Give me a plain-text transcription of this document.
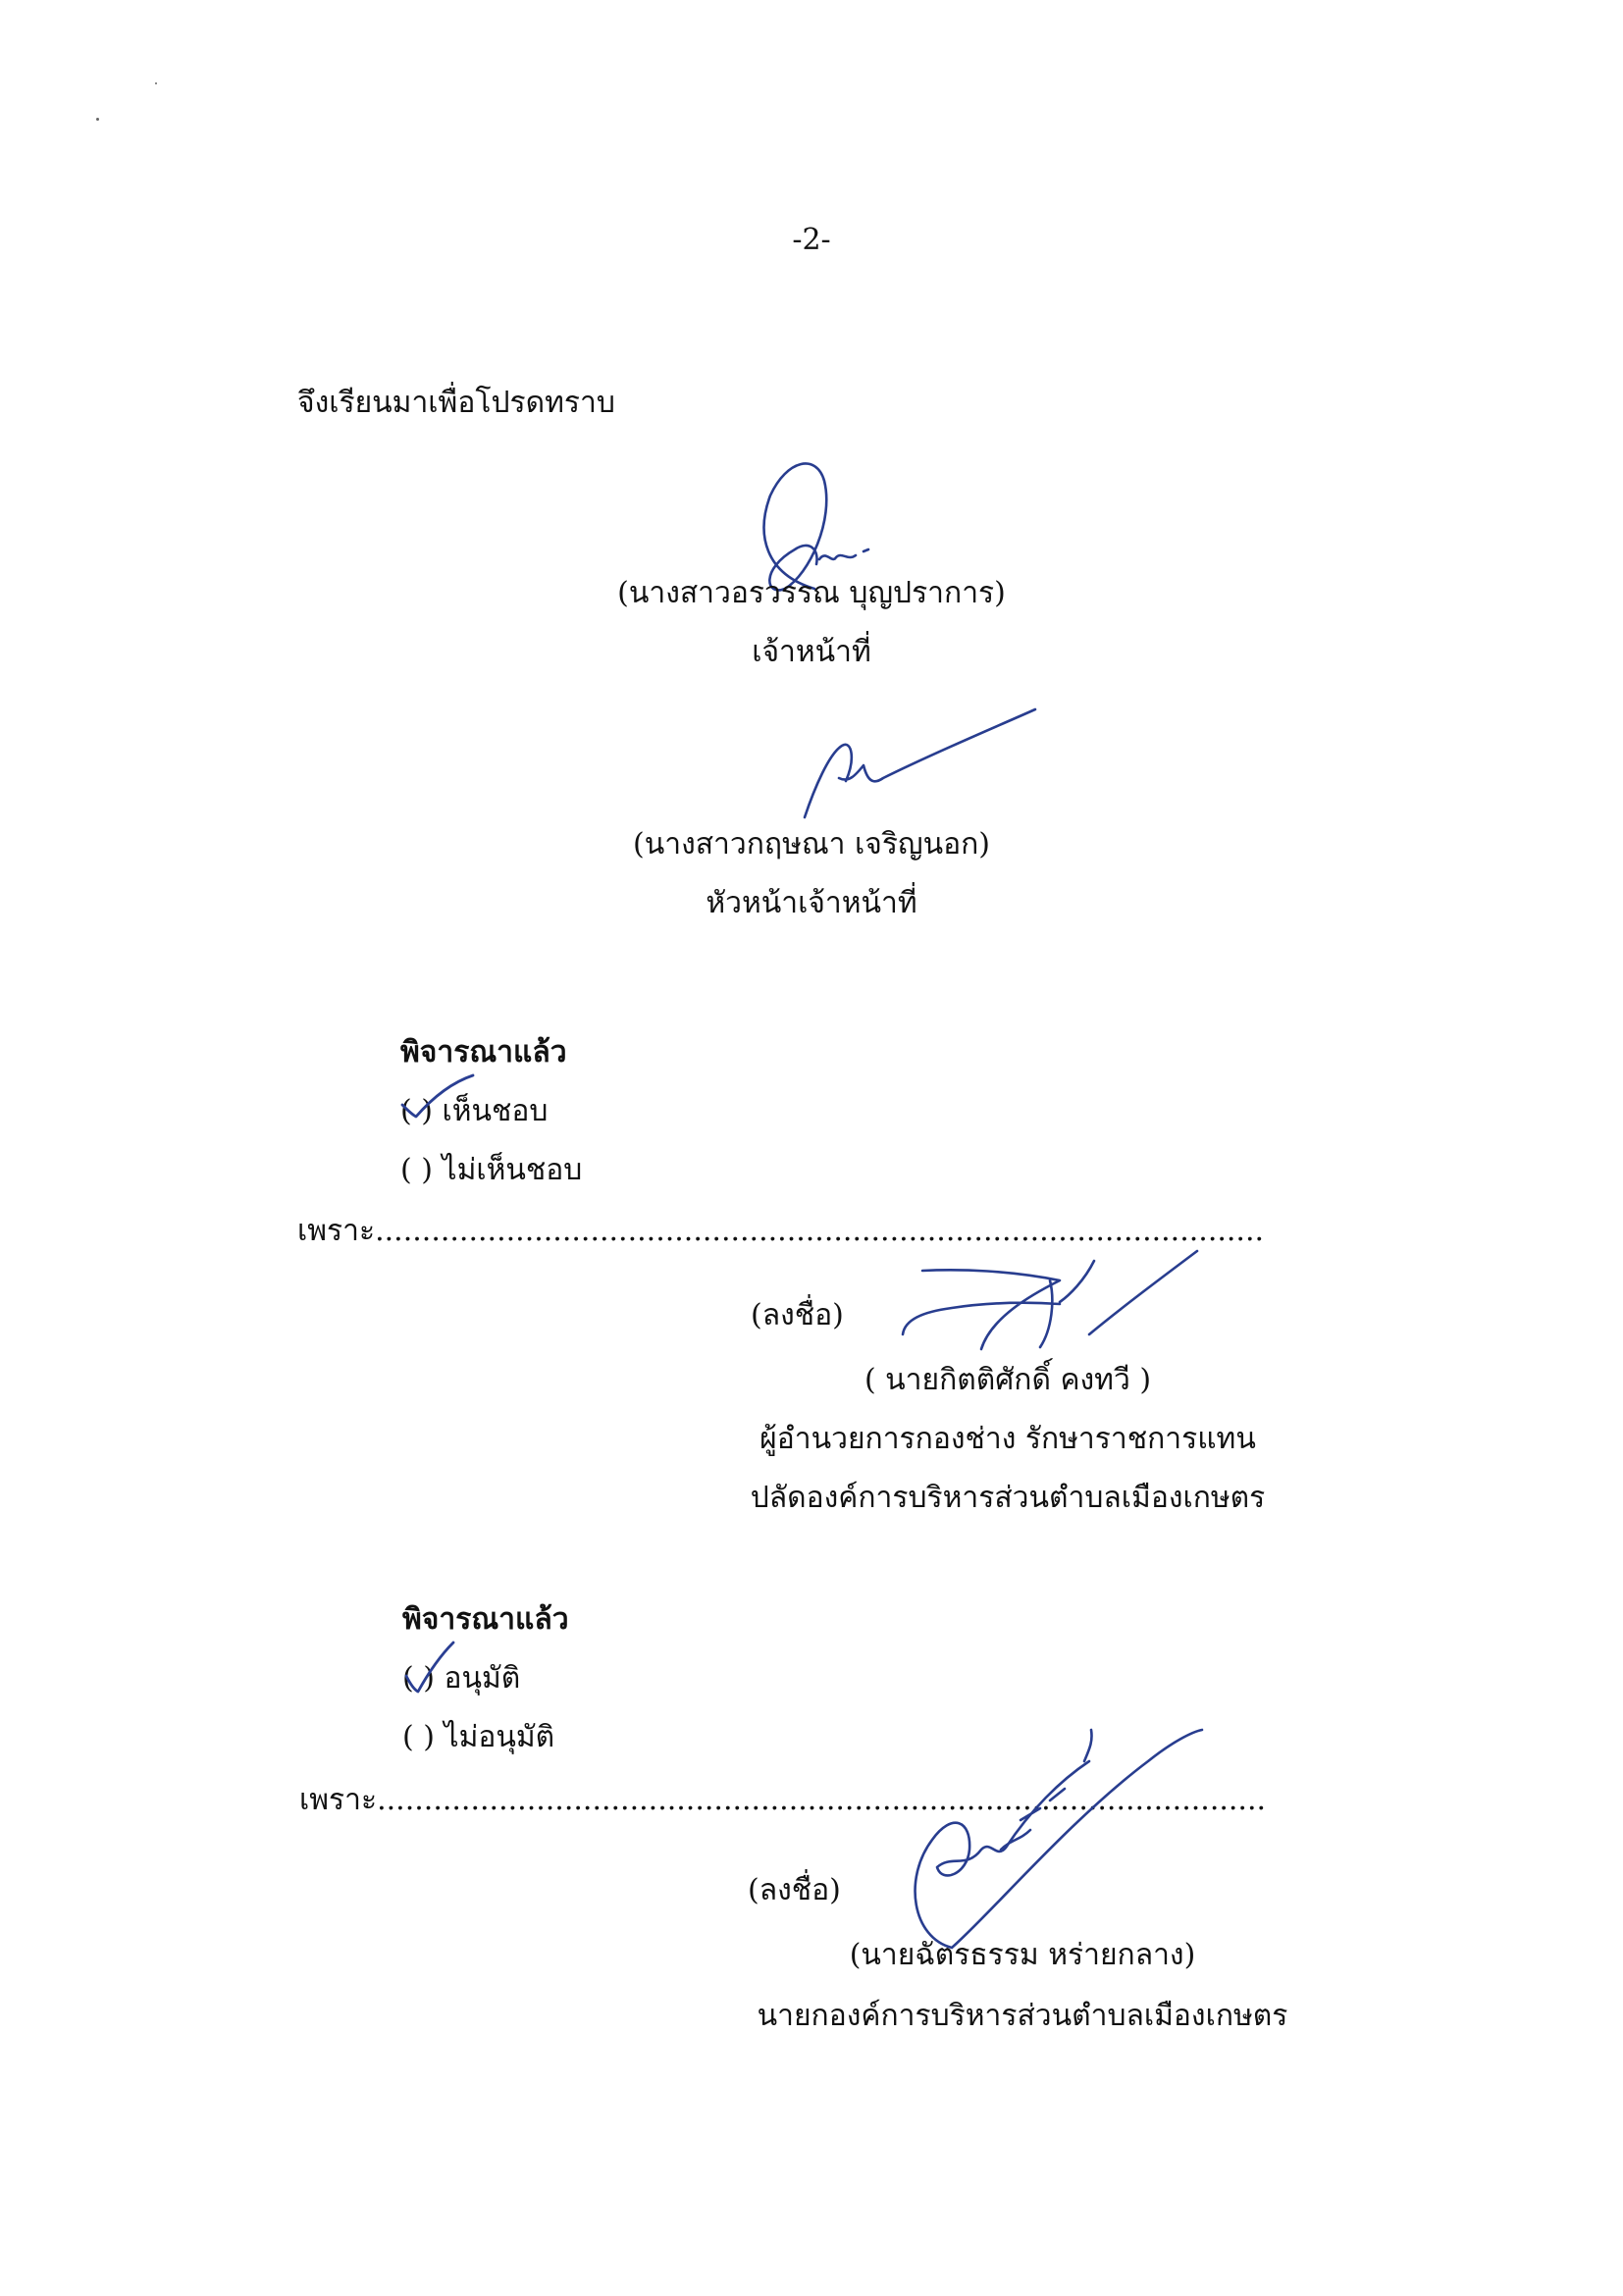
-2-
จึงเรียนมาเพื่อโปรดทราบ
(นางสาวอรวรรณ บุญปราการ)
เจ้าหน้าที่
(นางสาวกฤษณา เจริญนอก)
หัวหน้าเจ้าหน้าที่
พิจารณาแล้ว
( ) เห็นชอบ
( ) ไม่เห็นชอบ
เพราะ...............................................................................................
(ลงชื่อ)
( นายกิตติศักดิ์ คงทวี )
ผู้อำนวยการกองช่าง รักษาราชการแทน
ปลัดองค์การบริหารส่วนตำบลเมืองเกษตร
พิจารณาแล้ว
( ) อนุมัติ
( ) ไม่อนุมัติ
เพราะ...............................................................................................
(ลงชื่อ)
(นายฉัตรธรรม หร่ายกลาง)
นายกองค์การบริหารส่วนตำบลเมืองเกษตร
